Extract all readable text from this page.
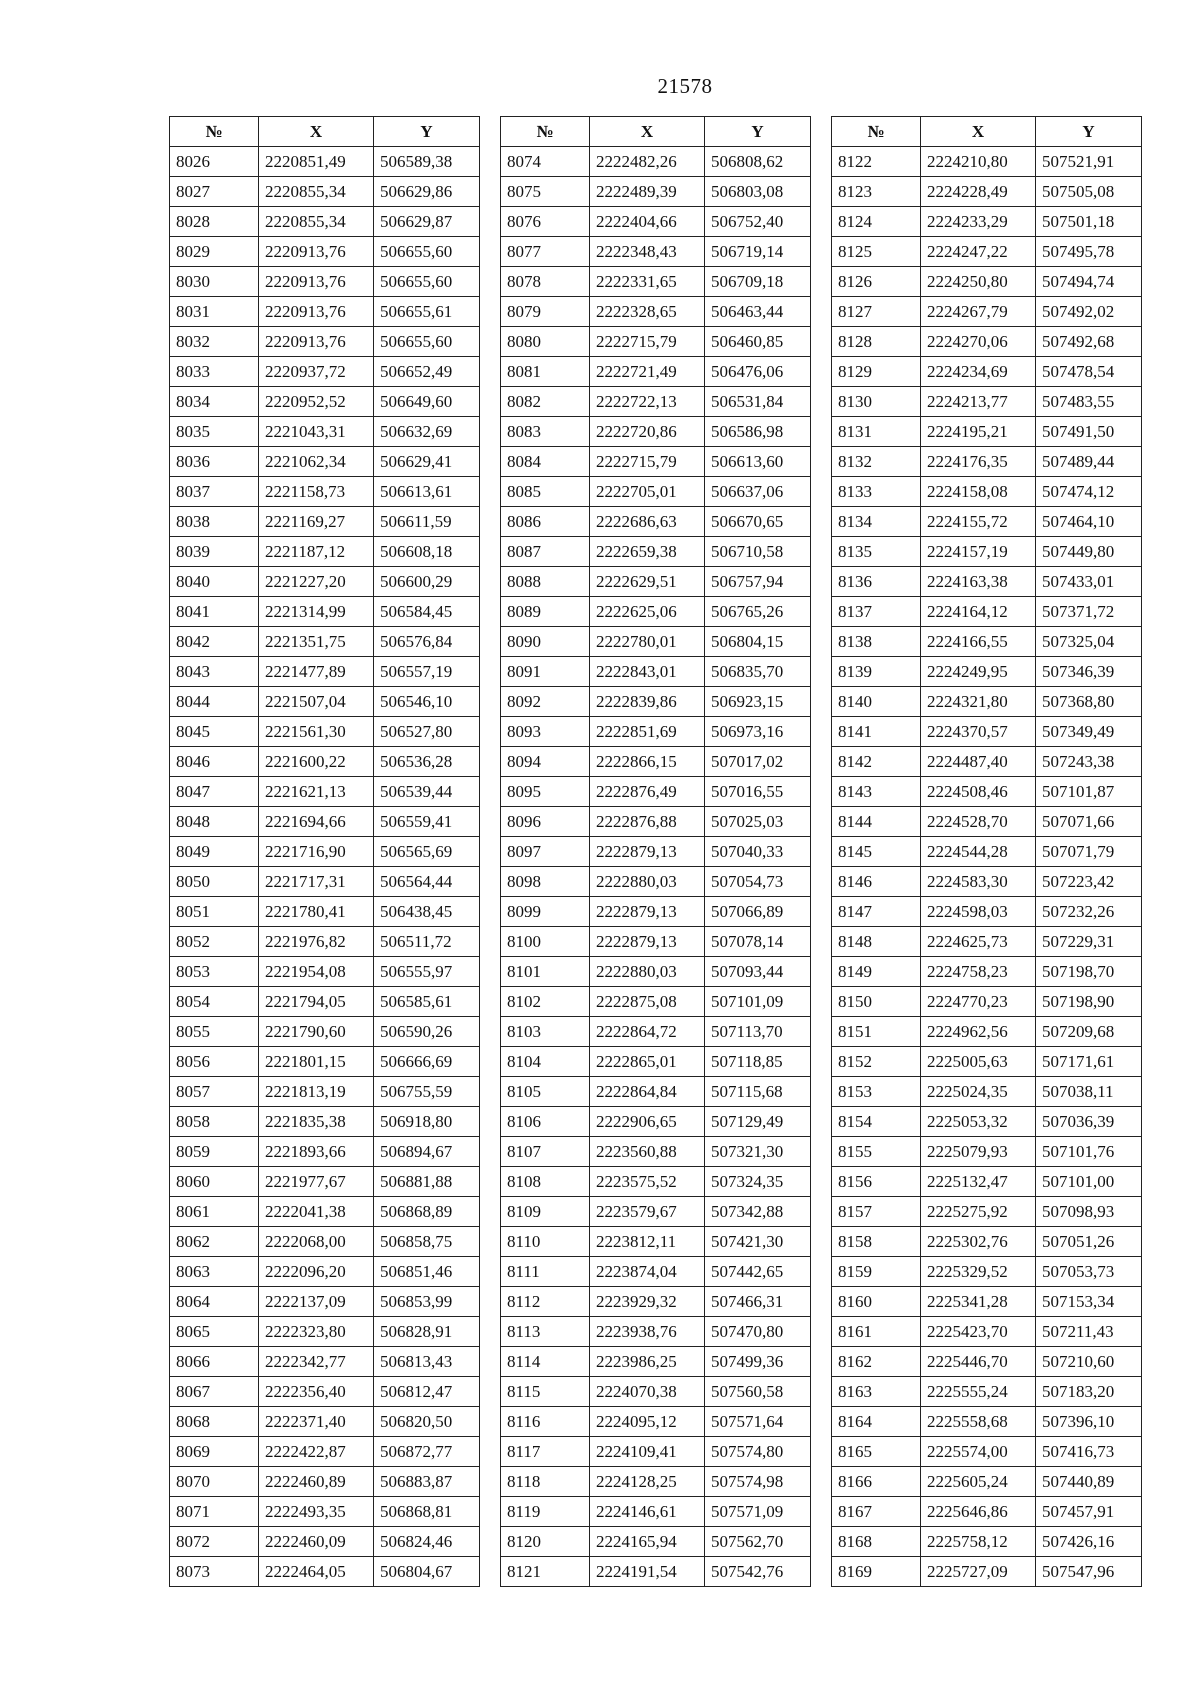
21578
№	X	Y
8026	2220851,49	506589,38
8027	2220855,34	506629,86
8028	2220855,34	506629,87
8029	2220913,76	506655,60
8030	2220913,76	506655,60
8031	2220913,76	506655,61
8032	2220913,76	506655,60
8033	2220937,72	506652,49
8034	2220952,52	506649,60
8035	2221043,31	506632,69
8036	2221062,34	506629,41
8037	2221158,73	506613,61
8038	2221169,27	506611,59
8039	2221187,12	506608,18
8040	2221227,20	506600,29
8041	2221314,99	506584,45
8042	2221351,75	506576,84
8043	2221477,89	506557,19
8044	2221507,04	506546,10
8045	2221561,30	506527,80
8046	2221600,22	506536,28
8047	2221621,13	506539,44
8048	2221694,66	506559,41
8049	2221716,90	506565,69
8050	2221717,31	506564,44
8051	2221780,41	506438,45
8052	2221976,82	506511,72
8053	2221954,08	506555,97
8054	2221794,05	506585,61
8055	2221790,60	506590,26
8056	2221801,15	506666,69
8057	2221813,19	506755,59
8058	2221835,38	506918,80
8059	2221893,66	506894,67
8060	2221977,67	506881,88
8061	2222041,38	506868,89
8062	2222068,00	506858,75
8063	2222096,20	506851,46
8064	2222137,09	506853,99
8065	2222323,80	506828,91
8066	2222342,77	506813,43
8067	2222356,40	506812,47
8068	2222371,40	506820,50
8069	2222422,87	506872,77
8070	2222460,89	506883,87
8071	2222493,35	506868,81
8072	2222460,09	506824,46
8073	2222464,05	506804,67
№	X	Y
8074	2222482,26	506808,62
8075	2222489,39	506803,08
8076	2222404,66	506752,40
8077	2222348,43	506719,14
8078	2222331,65	506709,18
8079	2222328,65	506463,44
8080	2222715,79	506460,85
8081	2222721,49	506476,06
8082	2222722,13	506531,84
8083	2222720,86	506586,98
8084	2222715,79	506613,60
8085	2222705,01	506637,06
8086	2222686,63	506670,65
8087	2222659,38	506710,58
8088	2222629,51	506757,94
8089	2222625,06	506765,26
8090	2222780,01	506804,15
8091	2222843,01	506835,70
8092	2222839,86	506923,15
8093	2222851,69	506973,16
8094	2222866,15	507017,02
8095	2222876,49	507016,55
8096	2222876,88	507025,03
8097	2222879,13	507040,33
8098	2222880,03	507054,73
8099	2222879,13	507066,89
8100	2222879,13	507078,14
8101	2222880,03	507093,44
8102	2222875,08	507101,09
8103	2222864,72	507113,70
8104	2222865,01	507118,85
8105	2222864,84	507115,68
8106	2222906,65	507129,49
8107	2223560,88	507321,30
8108	2223575,52	507324,35
8109	2223579,67	507342,88
8110	2223812,11	507421,30
8111	2223874,04	507442,65
8112	2223929,32	507466,31
8113	2223938,76	507470,80
8114	2223986,25	507499,36
8115	2224070,38	507560,58
8116	2224095,12	507571,64
8117	2224109,41	507574,80
8118	2224128,25	507574,98
8119	2224146,61	507571,09
8120	2224165,94	507562,70
8121	2224191,54	507542,76
№	X	Y
8122	2224210,80	507521,91
8123	2224228,49	507505,08
8124	2224233,29	507501,18
8125	2224247,22	507495,78
8126	2224250,80	507494,74
8127	2224267,79	507492,02
8128	2224270,06	507492,68
8129	2224234,69	507478,54
8130	2224213,77	507483,55
8131	2224195,21	507491,50
8132	2224176,35	507489,44
8133	2224158,08	507474,12
8134	2224155,72	507464,10
8135	2224157,19	507449,80
8136	2224163,38	507433,01
8137	2224164,12	507371,72
8138	2224166,55	507325,04
8139	2224249,95	507346,39
8140	2224321,80	507368,80
8141	2224370,57	507349,49
8142	2224487,40	507243,38
8143	2224508,46	507101,87
8144	2224528,70	507071,66
8145	2224544,28	507071,79
8146	2224583,30	507223,42
8147	2224598,03	507232,26
8148	2224625,73	507229,31
8149	2224758,23	507198,70
8150	2224770,23	507198,90
8151	2224962,56	507209,68
8152	2225005,63	507171,61
8153	2225024,35	507038,11
8154	2225053,32	507036,39
8155	2225079,93	507101,76
8156	2225132,47	507101,00
8157	2225275,92	507098,93
8158	2225302,76	507051,26
8159	2225329,52	507053,73
8160	2225341,28	507153,34
8161	2225423,70	507211,43
8162	2225446,70	507210,60
8163	2225555,24	507183,20
8164	2225558,68	507396,10
8165	2225574,00	507416,73
8166	2225605,24	507440,89
8167	2225646,86	507457,91
8168	2225758,12	507426,16
8169	2225727,09	507547,96
